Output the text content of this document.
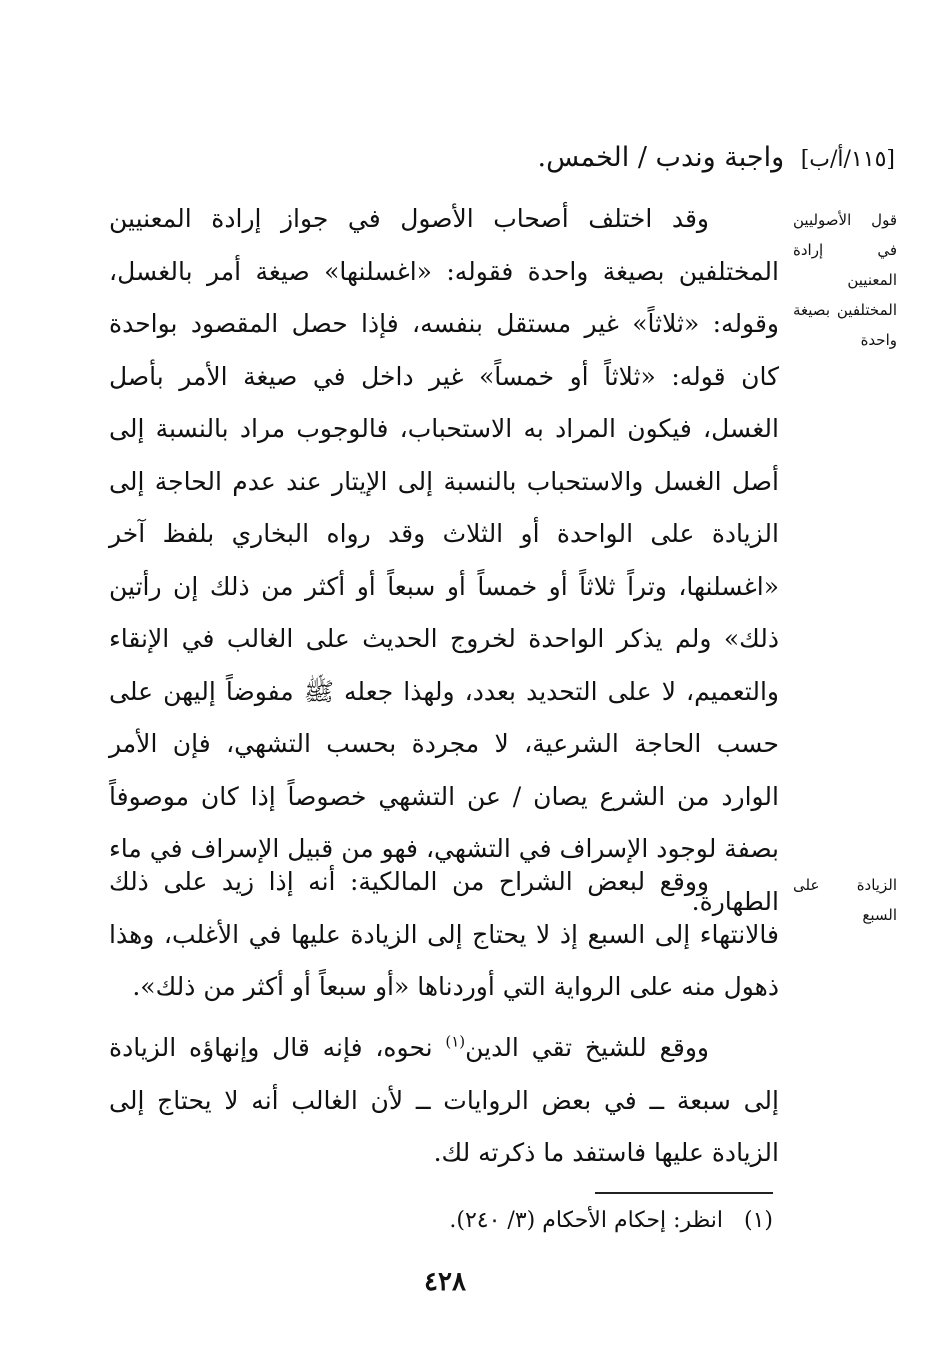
[١١٥/أ/ب] واجبة وندب / الخمس.
قول الأصوليين في إرادة المعنيين المختلفين بصيغة واحدة

وقد اختلف أصحاب الأصول في جواز إرادة المعنيين المختلفين بصيغة واحدة فقوله: «اغسلنها» صيغة أمر بالغسل، وقوله: «ثلاثاً» غير مستقل بنفسه، فإذا حصل المقصود بواحدة كان قوله: «ثلاثاً أو خمساً» غير داخل في صيغة الأمر بأصل الغسل، فيكون المراد به الاستحباب، فالوجوب مراد بالنسبة إلى أصل الغسل والاستحباب بالنسبة إلى الإيتار عند عدم الحاجة إلى الزيادة على الواحدة أو الثلاث وقد رواه البخاري بلفظ آخر «اغسلنها، وتراً ثلاثاً أو خمساً أو سبعاً أو أكثر من ذلك إن رأتين ذلك» ولم يذكر الواحدة لخروج الحديث على الغالب في الإنقاء والتعميم، لا على التحديد بعدد، ولهذا جعله ﷺ مفوضاً إليهن على حسب الحاجة الشرعية، لا مجردة بحسب التشهي، فإن الأمر الوارد من الشرع يصان / عن التشهي خصوصاً إذا كان موصوفاً بصفة لوجود الإسراف في التشهي، فهو من قبيل الإسراف في ماء الطهارة.

الزيادة على السبع

ووقع لبعض الشراح من المالكية: أنه إذا زيد على ذلك فالانتهاء إلى السبع إذ لا يحتاج إلى الزيادة عليها في الأغلب، وهذا ذهول منه على الرواية التي أوردناها «أو سبعاً أو أكثر من ذلك».

ووقع للشيخ تقي الدين$^{(١)}$ نحوه، فإنه قال وإنهاؤه الزيادة إلى سبعة ــ في بعض الروايات ــ لأن الغالب أنه لا يحتاج إلى الزيادة عليها فاستفد ما ذكرته لك.

(١) انظر: إحكام الأحكام (٣/ ٢٤٠).
٤٢٨
